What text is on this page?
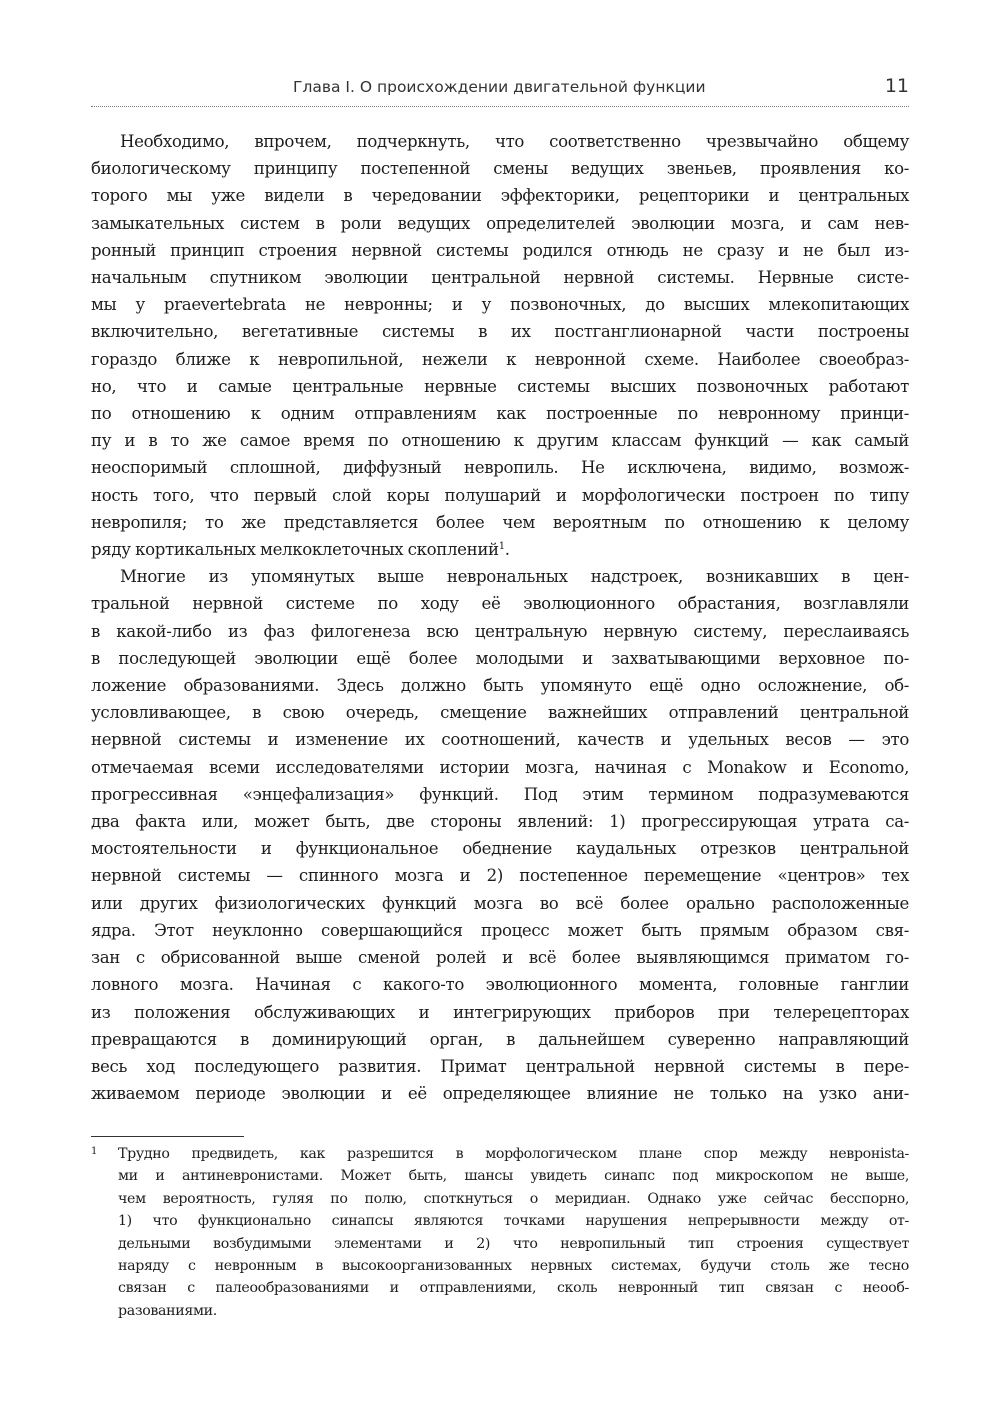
Глава I. О происхождении двигательной функции	11
Необходимо, впрочем, подчеркнуть, что соответственно чрезвычайно общему
биологическому принципу постепенной смены ведущих звеньев, проявления ко-
торого мы уже видели в чередовании эффекторики, рецепторики и центральных
замыкательных систем в роли ведущих определителей эволюции мозга, и сам нев-
ронный принцип строения нервной системы родился отнюдь не сразу и не был из-
начальным спутником эволюции центральной нервной системы. Нервные систе-
мы у praevertebrata не невронны; и у позвоночных, до высших млекопитающих
включительно, вегетативные системы в их постганглионарной части построены
гораздо ближе к невропильной, нежели к невронной схеме. Наиболее своеобраз-
но, что и самые центральные нервные системы высших позвоночных работают
по отношению к одним отправлениям как построенные по невронному принци-
пу и в то же самое время по отношению к другим классам функций — как самый
неоспоримый сплошной, диффузный невропиль. Не исключена, видимо, возмож-
ность того, что первый слой коры полушарий и морфологически построен по типу
невропиля; то же представляется более чем вероятным по отношению к целому
ряду кортикальных мелкоклеточных скоплений$^1$.
Многие из упомянутых выше неврональных надстроек, возникавших в цен-
тральной нервной системе по ходу её эволюционного обрастания, возглавляли
в какой-либо из фаз филогенеза всю центральную нервную систему, переслаиваясь
в последующей эволюции ещё более молодыми и захватывающими верховное по-
ложение образованиями. Здесь должно быть упомянуто ещё одно осложнение, об-
условливающее, в свою очередь, смещение важнейших отправлений центральной
нервной системы и изменение их соотношений, качеств и удельных весов — это
отмечаемая всеми исследователями истории мозга, начиная с Monakow и Economo,
прогрессивная «энцефализация» функций. Под этим термином подразумеваются
два факта или, может быть, две стороны явлений: 1) прогрессирующая утрата са-
мостоятельности и функциональное обеднение каудальных отрезков центральной
нервной системы — спинного мозга и 2) постепенное перемещение «центров» тех
или других физиологических функций мозга во всё более орально расположенные
ядра. Этот неуклонно совершающийся процесс может быть прямым образом свя-
зан с обрисованной выше сменой ролей и всё более выявляющимся приматом го-
ловного мозга. Начиная с какого-то эволюционного момента, головные ганглии
из положения обслуживающих и интегрирующих приборов при телерецепторах
превращаются в доминирующий орган, в дальнейшем суверенно направляющий
весь ход последующего развития. Примат центральной нервной системы в пере-
живаемом периоде эволюции и её определяющее влияние не только на узко ани-
1 Трудно предвидеть, как разрешится в морфологическом плане спор между невронista-
ми и антиневронистами. Может быть, шансы увидеть синапс под микроскопом не выше,
чем вероятность, гуляя по полю, споткнуться о меридиан. Однако уже сейчас бесспорно,
1) что функционально синапсы являются точками нарушения непрерывности между от-
дельными возбудимыми элементами и 2) что невропильный тип строения существует
наряду с невронным в высокоорганизованных нервных системах, будучи столь же тесно
связан с палеообразованиями и отправлениями, сколь невронный тип связан с неооб-
разованиями.
